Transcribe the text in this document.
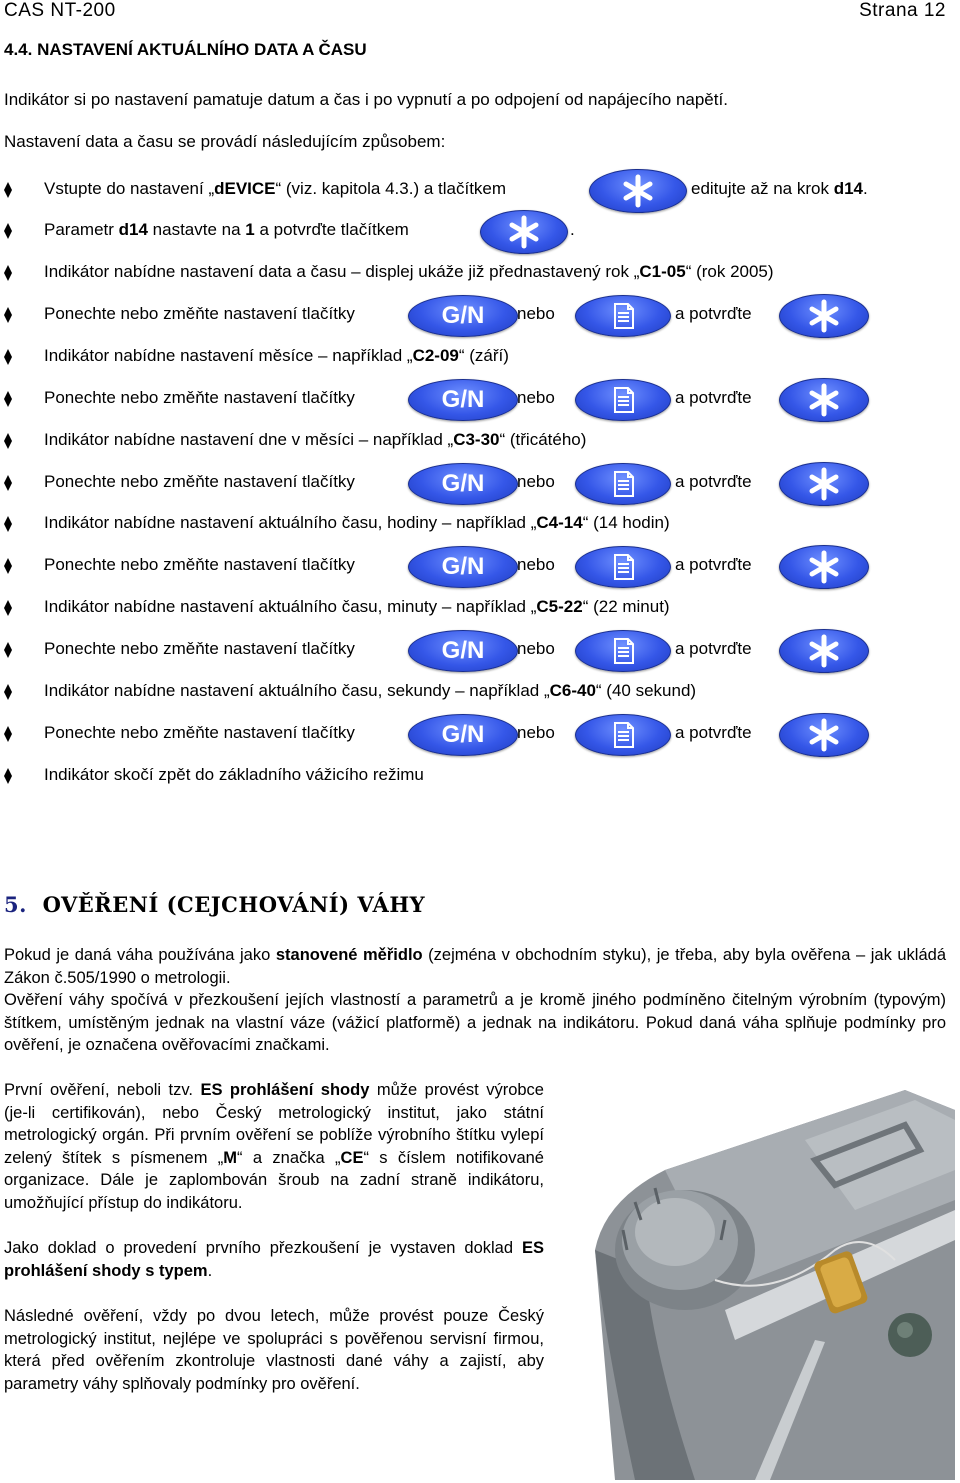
CAS NT-200	Strana 12
4.4. NASTAVENÍ AKTUÁLNÍHO DATA A ČASU
Indikátor si po nastavení pamatuje datum a čas i po vypnutí a po odpojení od napájecího napětí.
Nastavení data a času se provádí následujícím způsobem:
Vstupte do nastavení „dEVICE“ (viz. kapitola 4.3.) a tlačítkem	editujte až na krok d14.
Parametr d14 nastavte na 1 a potvrďte tlačítkem	.
Indikátor nabídne nastavení data a času – displej ukáže již přednastavený rok „C1-05“ (rok 2005)
Ponechte nebo změňte nastavení tlačítky	G/N nebo	a potvrďte
Indikátor nabídne nastavení měsíce – například „C2-09“ (září)
Ponechte nebo změňte nastavení tlačítky	G/N nebo	a potvrďte
Indikátor nabídne nastavení dne v měsíci – například „C3-30“ (třicátého)
Ponechte nebo změňte nastavení tlačítky	G/N nebo	a potvrďte
Indikátor nabídne nastavení aktuálního času, hodiny – například „C4-14“ (14 hodin)
Ponechte nebo změňte nastavení tlačítky	G/N nebo	a potvrďte
Indikátor nabídne nastavení aktuálního času, minuty – například „C5-22“ (22 minut)
Ponechte nebo změňte nastavení tlačítky	G/N nebo	a potvrďte
Indikátor nabídne nastavení aktuálního času, sekundy – například „C6-40“ (40 sekund)
Ponechte nebo změňte nastavení tlačítky	G/N nebo	a potvrďte
Indikátor skočí zpět do základního vážicího režimu
5. OVĚŘENÍ (CEJCHOVÁNÍ) VÁHY
Pokud je daná váha používána jako stanovené měřidlo (zejména v obchodním styku), je třeba, aby byla ověřena – jak ukládá Zákon č.505/1990 o metrologii.
Ověření váhy spočívá v přezkoušení jejích vlastností a parametrů a je kromě jiného podmíněno čitelným výrobním (typovým) štítkem, umístěným jednak na vlastní váze (vážicí platformě) a jednak na indikátoru. Pokud daná váha splňuje podmínky pro ověření, je označena ověřovacími značkami.
První ověření, neboli tzv. ES prohlášení shody může provést výrobce (je-li certifikován), nebo Český metrologický institut, jako státní metrologický orgán. Při prvním ověření se poblíže výrobního štítku vylepí zelený štítek s písmenem „M“ a značka „CE“ s číslem notifikované organizace. Dále je zaplombován šroub na zadní straně indikátoru, umožňující přístup do indikátoru.
Jako doklad o provedení prvního přezkoušení je vystaven doklad ES prohlášení shody s typem.
Následné ověření, vždy po dvou letech, může provést pouze Český metrologický institut, nejlépe ve spolupráci s pověřenou servisní firmou, která před ověřením zkontroluje vlastnosti dané váhy a zajistí, aby parametry váhy splňovaly podmínky pro ověření.
